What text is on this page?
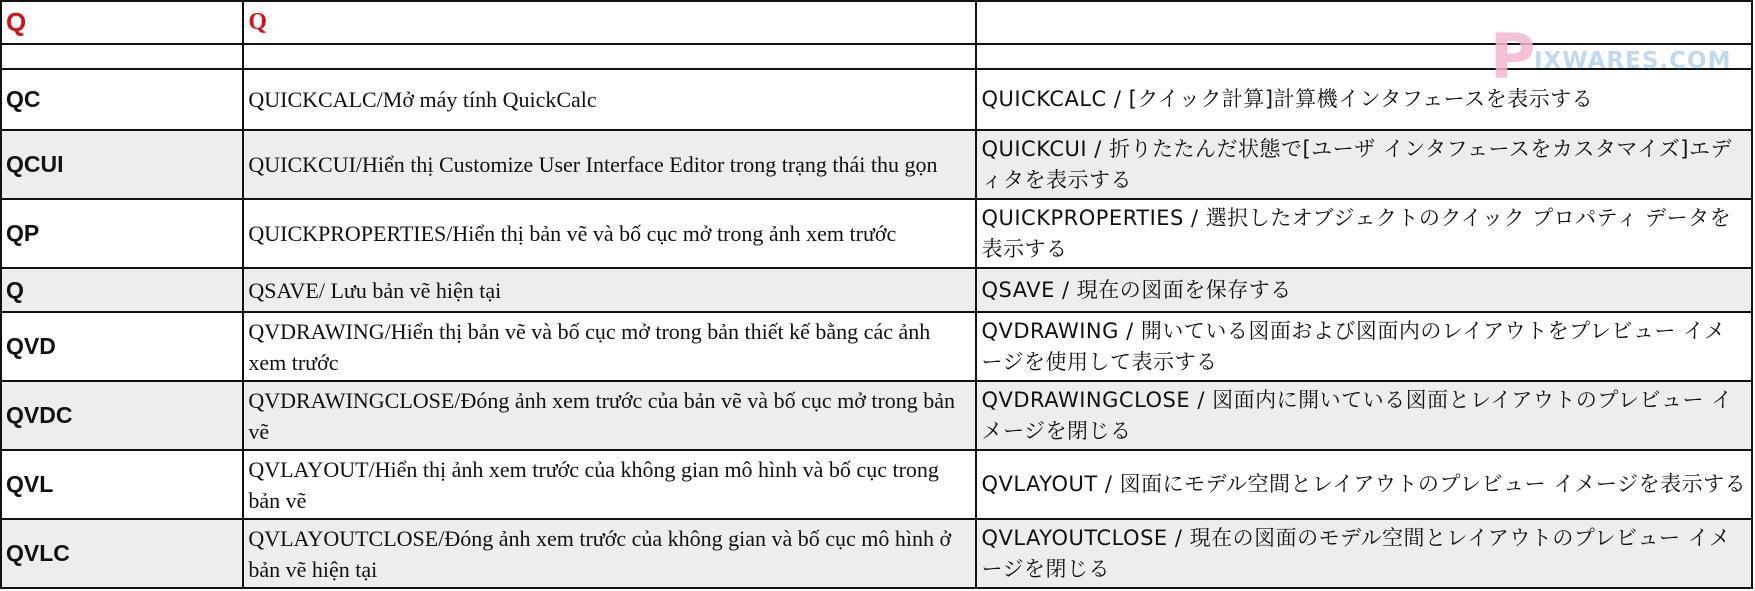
Q	Q	

QC	QUICKCALC/Mở máy tính QuickCalc	QUICKCALC / [クイック計算]計算機インタフェースを表示する
QCUI	QUICKCUI/Hiển thị Customize User Interface Editor trong trạng thái thu gọn	QUICKCUI / 折りたたんだ状態で[ユーザ インタフェースをカスタマイズ]エディタを表示する
QP	QUICKPROPERTIES/Hiển thị bản vẽ và bố cục mở trong ảnh xem trước	QUICKPROPERTIES / 選択したオブジェクトのクイック プロパティ データを表示する
Q	QSAVE/ Lưu bản vẽ hiện tại	QSAVE / 現在の図面を保存する
QVD	QVDRAWING/Hiển thị bản vẽ và bố cục mở trong bản thiết kế bằng các ảnh xem trước	QVDRAWING / 開いている図面および図面内のレイアウトをプレビュー イメージを使用して表示する
QVDC	QVDRAWINGCLOSE/Đóng ảnh xem trước của bản vẽ và bố cục mở trong bản vẽ	QVDRAWINGCLOSE / 図面内に開いている図面とレイアウトのプレビュー イメージを閉じる
QVL	QVLAYOUT/Hiển thị ảnh xem trước của không gian mô hình và bố cục trong bản vẽ	QVLAYOUT / 図面にモデル空間とレイアウトのプレビュー イメージを表示する
QVLC	QVLAYOUTCLOSE/Đóng ảnh xem trước của không gian và bố cục mô hình ở bản vẽ hiện tại	QVLAYOUTCLOSE / 現在の図面のモデル空間とレイアウトのプレビュー イメージを閉じる
P
IXWARES.COM
